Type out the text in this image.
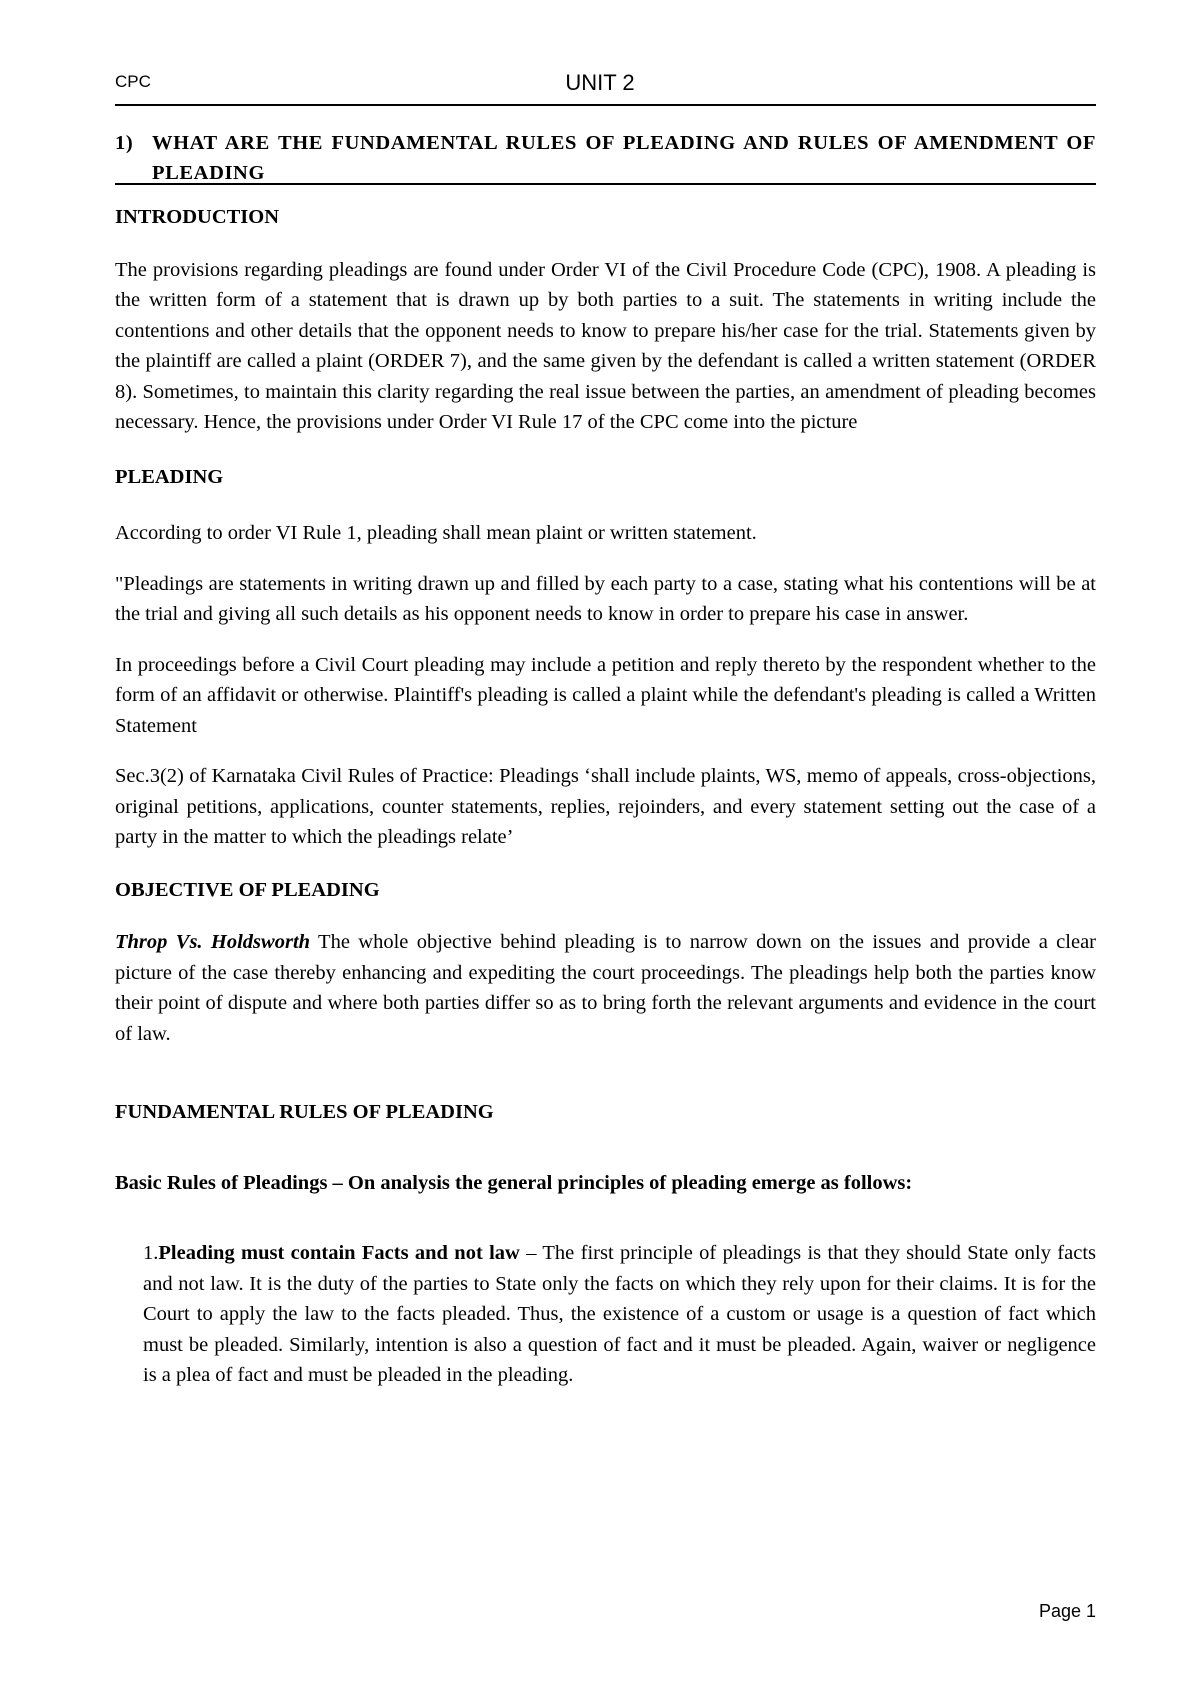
CPC	UNIT 2
1) WHAT ARE THE FUNDAMENTAL RULES OF PLEADING AND RULES OF AMENDMENT OF PLEADING

INTRODUCTION

The provisions regarding pleadings are found under Order VI of the Civil Procedure Code (CPC), 1908. A pleading is the written form of a statement that is drawn up by both parties to a suit. The statements in writing include the contentions and other details that the opponent needs to know to prepare his/her case for the trial. Statements given by the plaintiff are called a plaint (ORDER 7), and the same given by the defendant is called a written statement (ORDER 8). Sometimes, to maintain this clarity regarding the real issue between the parties, an amendment of pleading becomes necessary. Hence, the provisions under Order VI Rule 17 of the CPC come into the picture

PLEADING

According to order VI Rule 1, pleading shall mean plaint or written statement.

"Pleadings are statements in writing drawn up and filled by each party to a case, stating what his contentions will be at the trial and giving all such details as his opponent needs to know in order to prepare his case in answer.

In proceedings before a Civil Court pleading may include a petition and reply thereto by the respondent whether to the form of an affidavit or otherwise. Plaintiff's pleading is called a plaint while the defendant's pleading is called a Written Statement

Sec.3(2) of Karnataka Civil Rules of Practice: Pleadings ‘shall include plaints, WS, memo of appeals, cross-objections, original petitions, applications, counter statements, replies, rejoinders, and every statement setting out the case of a party in the matter to which the pleadings relate’

OBJECTIVE OF PLEADING

Throp Vs. Holdsworth The whole objective behind pleading is to narrow down on the issues and provide a clear picture of the case thereby enhancing and expediting the court proceedings. The pleadings help both the parties know their point of dispute and where both parties differ so as to bring forth the relevant arguments and evidence in the court of law.

FUNDAMENTAL RULES OF PLEADING

Basic Rules of Pleadings – On analysis the general principles of pleading emerge as follows:

1.Pleading must contain Facts and not law – The first principle of pleadings is that they should State only facts and not law. It is the duty of the parties to State only the facts on which they rely upon for their claims. It is for the Court to apply the law to the facts pleaded. Thus, the existence of a custom or usage is a question of fact which must be pleaded. Similarly, intention is also a question of fact and it must be pleaded. Again, waiver or negligence is a plea of fact and must be pleaded in the pleading.

Page 1
